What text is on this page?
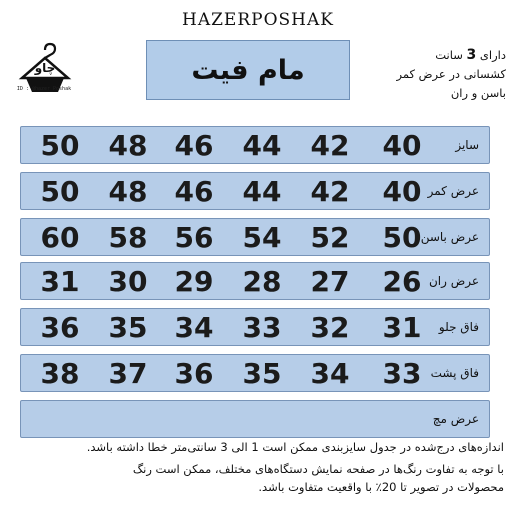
چاو
ID : @hazer_Poshak
HAZERPOSHAK
مام فیت	دارای 3 سانت
کشسانی در عرض کمر
باسن و ران
سایز
50 48 46 44 42 40
عرض کمر
50 48 46 44 42 40
عرض باسن
60 58 56 54 52 50
عرض ران
31 30 29 28 27 26
فاق جلو
36 35 34 33 32 31
فاق پشت
38 37 36 35 34 33
عرض مچ
اندازه‌های درج‌شده در جدول سایزبندی ممکن است 1 الی 3 سانتی‌متر خطا داشته باشد.
با توجه به تفاوت رنگ‌ها در صفحه نمایش دستگاه‌های مختلف، ممکن است رنگ
محصولات در تصویر تا 20٪ با واقعیت متفاوت باشد.
